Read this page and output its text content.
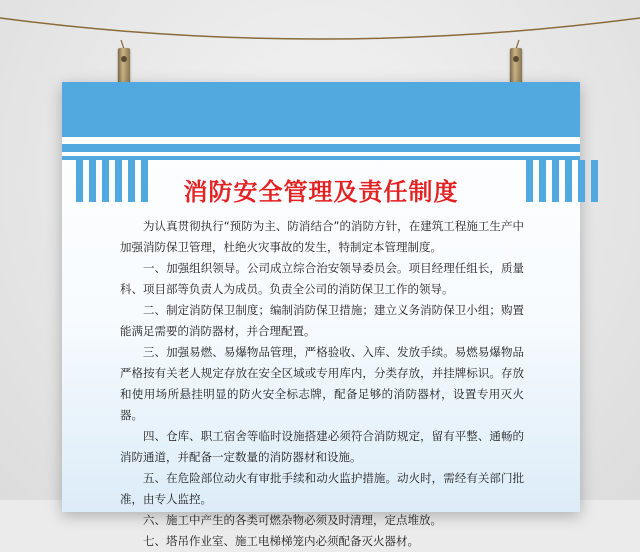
消防安全管理及责任制度

为认真贯彻执行“预防为主、防消结合”的消防方针，在建筑工程施工生产中加强消防保卫管理，杜绝火灾事故的发生，特制定本管理制度。

一、加强组织领导。公司成立综合治安领导委员会。项目经理任组长，质量科、项目部等负责人为成员。负责全公司的消防保卫工作的领导。

二、制定消防保卫制度；编制消防保卫措施；建立义务消防保卫小组；购置能满足需要的消防器材，并合理配置。

三、加强易燃、易爆物品管理，严格验收、入库、发放手续。易燃易爆物品严格按有关老人规定存放在安全区域或专用库内，分类存放，并挂牌标识。存放和使用场所悬挂明显的防火安全标志牌，配备足够的消防器材，设置专用灭火器。

四、仓库、职工宿舍等临时设施搭建必须符合消防规定，留有平整、通畅的消防通道，并配备一定数量的消防器材和设施。

五、在危险部位动火有审批手续和动火监护措施。动火时，需经有关部门批准，由专人监控。

六、施工中产生的各类可燃杂物必须及时清理，定点堆放。

七、塔吊作业室、施工电梯梯笼内必须配备灭火器材。
